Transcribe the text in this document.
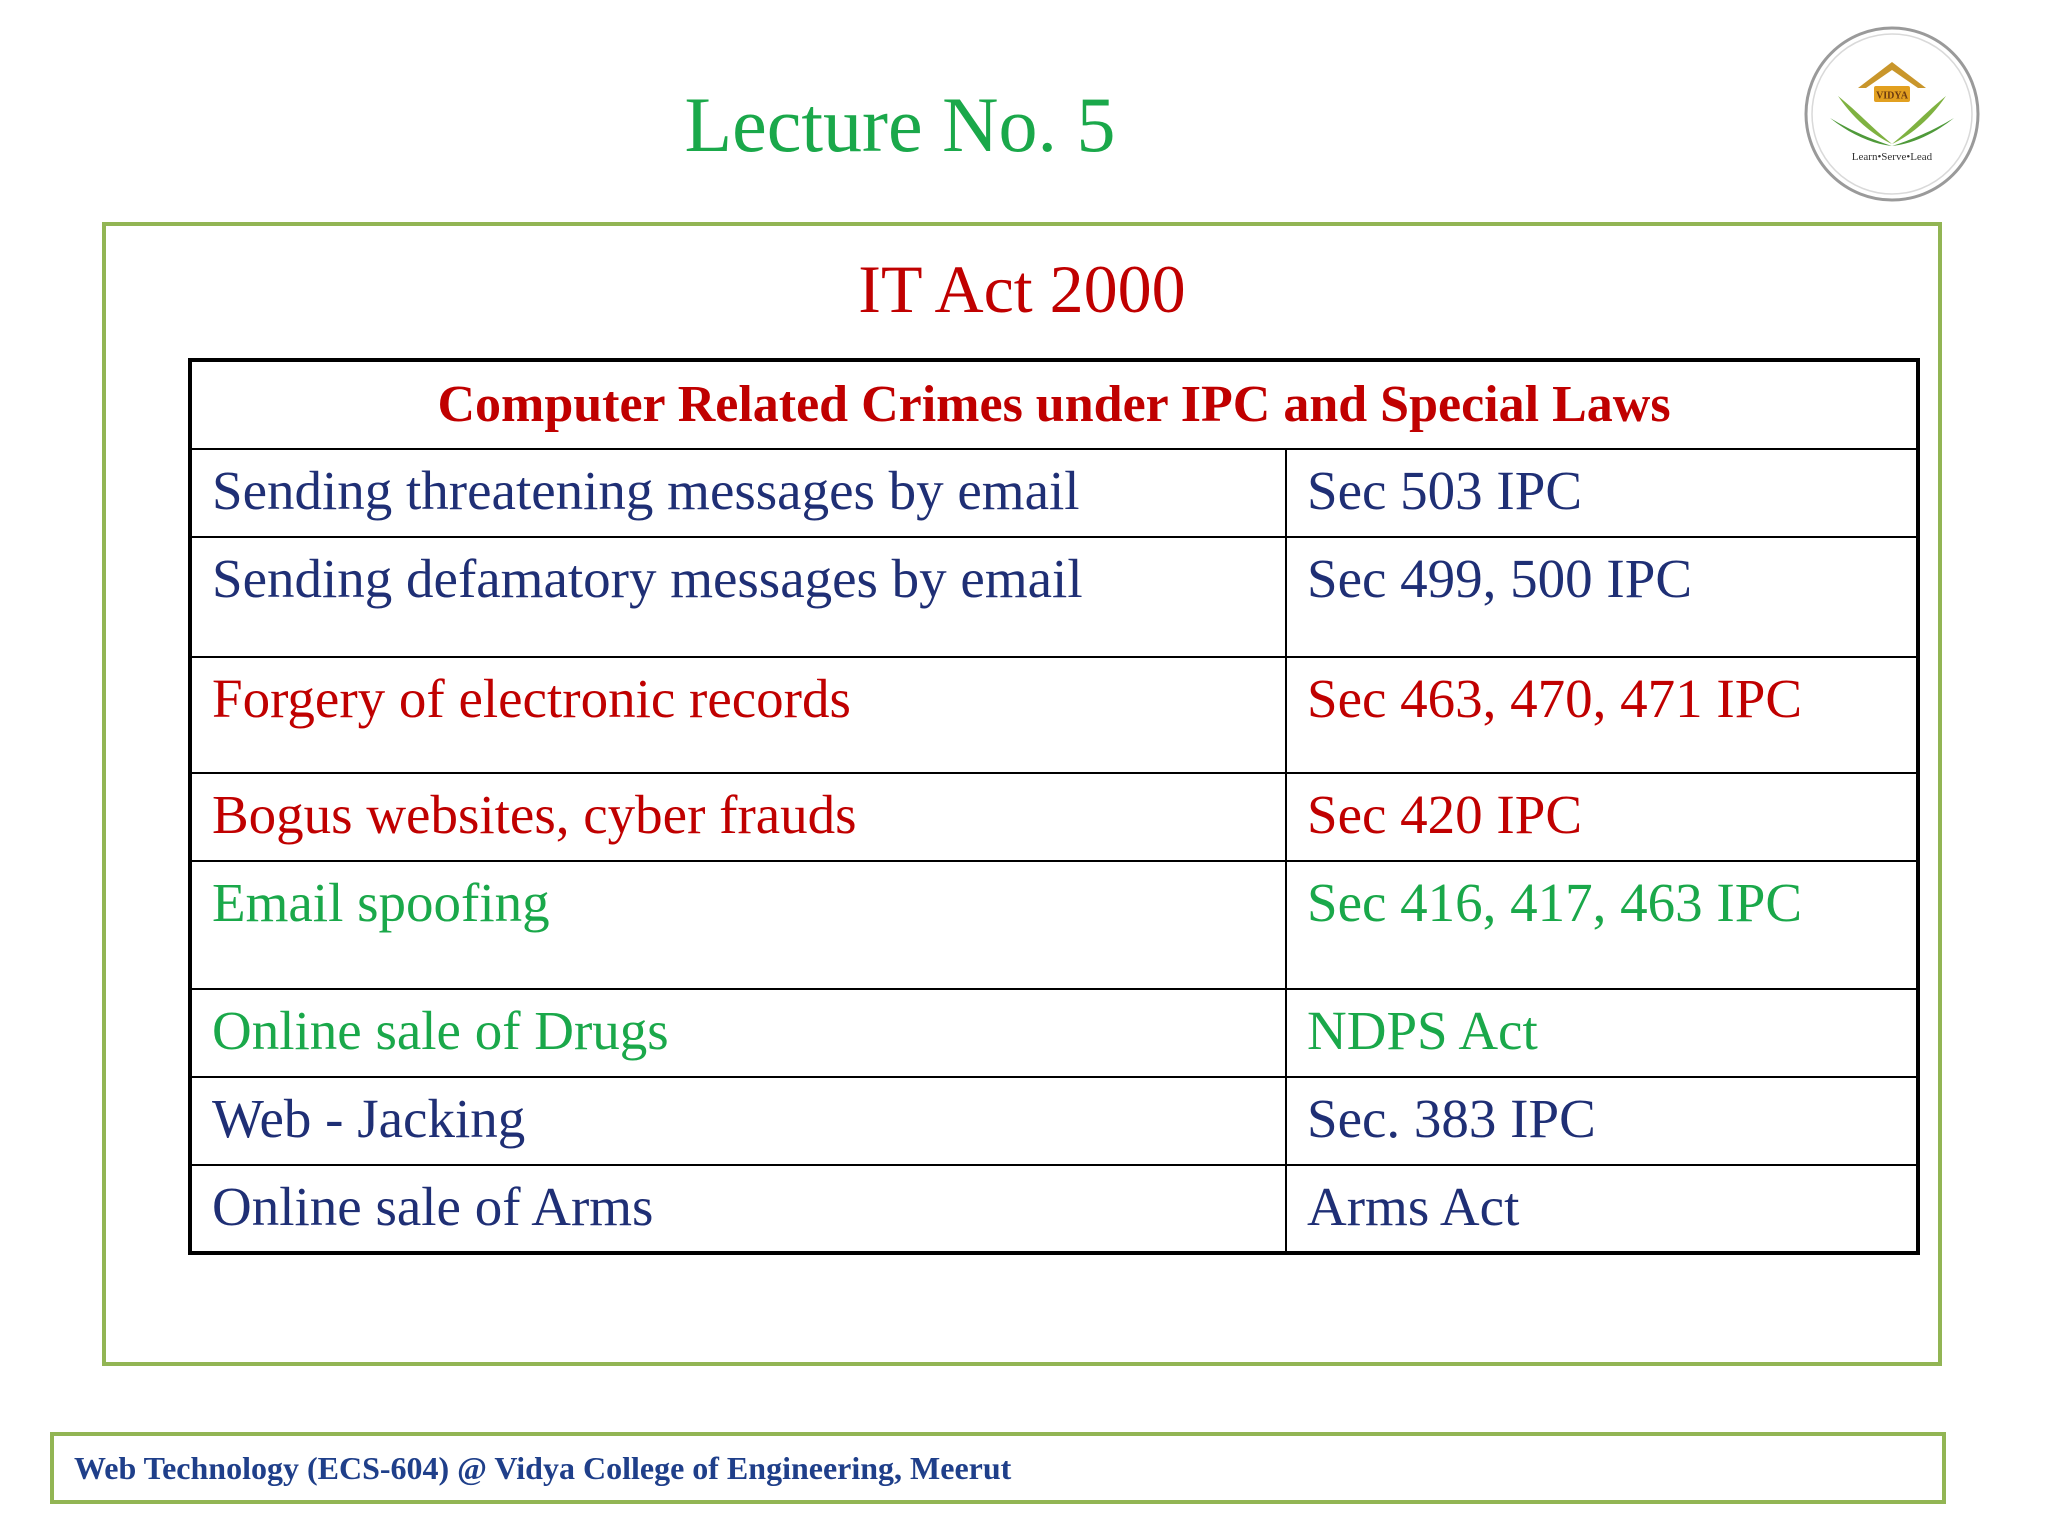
Lecture No. 5	VIDYA
Learn•Serve•Lead
IT Act 2000
Computer Related Crimes under IPC and Special Laws	
Sending threatening messages by email	Sec 503 IPC
Sending defamatory messages by email	Sec 499, 500 IPC
Forgery of electronic records	Sec 463, 470, 471 IPC
Bogus websites, cyber frauds	Sec 420 IPC
Email spoofing	Sec 416, 417, 463 IPC
Online sale of Drugs	NDPS Act
Web - Jacking	Sec. 383 IPC
Online sale of Arms	Arms Act
Web Technology (ECS-604) @ Vidya College of Engineering, Meerut
